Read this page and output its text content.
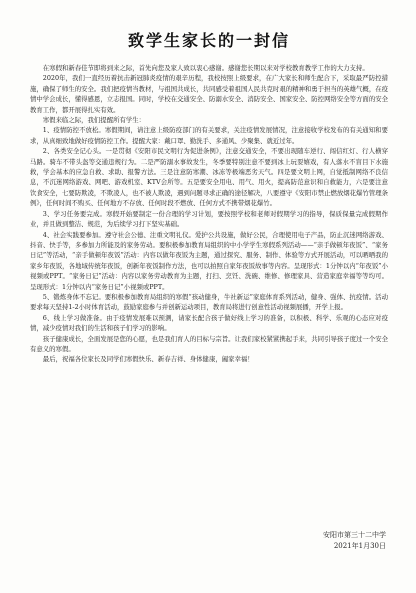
致学生家长的一封信

在寒假和新春佳节即将到来之际，首先向您及家人致以衷心感谢。感谢您长期以来对学校教育教学工作的大力支持。

2020年，我们一直经历着抗击新冠肺炎疫情的艰辛历程，我校按照上级要求，在广大家长和师生配合下，采取最严防控措施，确保了师生的安全。我们把疫情当教材，与祖国共成长，共同感受着祖国人民共克时艰的精神和勇于担当的英雄气概，在疫情中学会成长，懂得感恩，立志报国。同时，学校在交通安全、防溺水安全、消防安全、国家安全、防控网络安全等方面的安全教育工作，都开展得扎实有效。

寒假来临之际，我们提醒所有学生：

1、疫情防控不放松。寒假期间，请注意上级防疫部门的有关要求，关注疫情发展情况，注意接收学校发布的有关通知和要求，从真细致地做好疫情防控工作。提醒大家：戴口罩、勤洗手、多通风、少聚集、就近过年。

2、各类安全记心头。一是贯彻《安阳市民文明行为促进条例》，注意交通安全，不要出现随车逆行、闯信红灯、行人横穿马路。骑车不带头盔等交通违规行为。二是严防溺水事故发生，冬季要特别注意不要到冰上玩耍嬉戏，有人落水不盲目下水施救，学会基本的应急自救、求助、报警方法。三是注意防寒潮、冰冻等极端恶劣天气。四是要文明上网，自觉抵制网络不良信息，不沉迷网络游戏、网吧、游戏机室、KTV会所等。五是要安全用电、用气、用火，提高防范意识和自救能力，六是要注意饮食安全，七要防欺凌，不欺凌人，也不被人欺凌，遇到问题寻求正确的途径解决，八要遵守《安阳市禁止燃放烟花爆竹管理条例》，任何时间不购买、任何地方不存放、任何时段不燃放、任何方式不携带烟花爆竹。

3、学习任务要完成。寒假开始要制定一份合理的学习计划，要按照学校和老师对假期学习的指导，保质保量完成假期作业，并且做到整洁、规范，为后续学习打下坚实基础。

4、社会实践要参加。遵守社会公德、注重文明礼仪。爱护公共设施，做好公民，合理使用电子产品，防止沉迷网络游戏、抖音、快手等，多参加力所能及的家务劳动。要积极参加教育局组织的中小学学生寒假系列活动——“亲手做顿年夜饭”、“家务日记”等活动，“亲手做顿年夜饭”活动：内容以做年夜饭为主题，通过探究、服务、制作、体验等方式开展活动，可以晒晒我的家乡年夜饭，各地域传统年夜饭，创新年夜饭制作方法，也可以拍照自家年夜饭故事等内容。呈现形式：1分钟以内“年夜饭”小视频或PPT。“家务日记”活动：内容以家务劳动教育为主题，打扫、烹饪、洗碗、维修、修理家具、营造家庭幸福等等均可。呈现形式：1分钟以内“家务日记”小视频或PPT。

5、锻炼身体不忘记。要积极参加教育局组织的寒假“孩动健身，牛社新运”家庭体育系列活动，健身、强体、抗疫情。活动要求每天坚持1-2小时体育活动，鼓励家庭参与并创新运动项目，教育局将进行创意性活动视频展播，开学上报。

6、线上学习做准备。由于疫情发展难以预测，请家长配合孩子做好线上学习的准备，以积极、科学、乐观的心态应对疫情，减少疫情对我们的生活和孩子们学习的影响。

孩子健康成长，全面发展是您的心愿，也是我们育人的目标与宗旨。让我们家校紧紧携起手来，共同引导孩子度过一个安全有意义的寒假。

最后，祝福各位家长及同学们寒假快乐、新春吉祥、身体健康，阖家幸福！

安阳市第三十二中学
2021年1月30日
